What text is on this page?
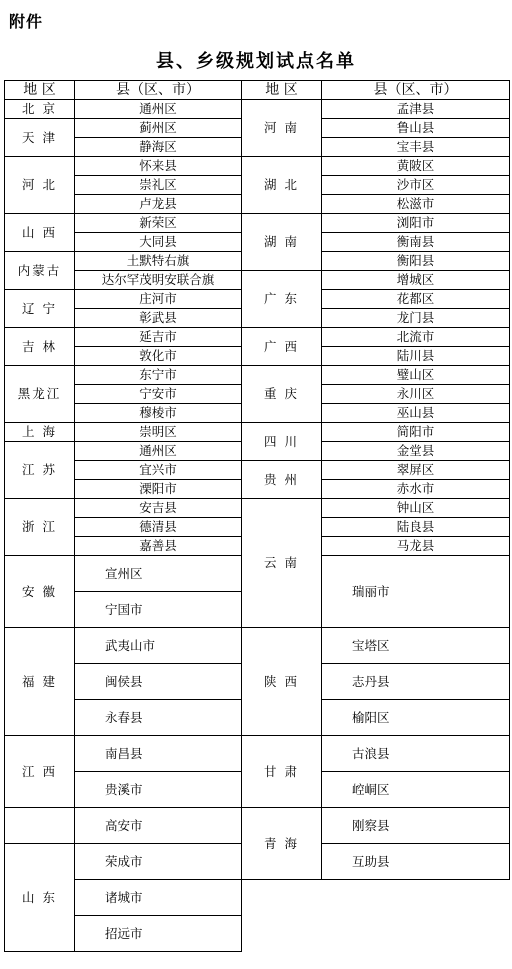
附件
县、乡级规划试点名单
地 区	县（区、市）	地 区	县（区、市）
北 京	通州区	河 南	孟津县
天 津	蓟州区		鲁山县
	静海区		宝丰县
河 北	怀来县	湖 北	黄陂区
	崇礼区		沙市区
	卢龙县		松滋市
山 西	新荣区	湖 南	浏阳市
	大同县		衡南县
内蒙古	土默特右旗		衡阳县
	达尔罕茂明安联合旗	广 东	增城区
辽 宁	庄河市		花都区
	彰武县		龙门县
吉 林	延吉市	广 西	北流市
	敦化市		陆川县
黑龙江	东宁市	重 庆	璧山区
	宁安市		永川区
	穆棱市		巫山县
上 海	崇明区	四 川	简阳市
江 苏	通州区		金堂县
	宜兴市	贵 州	翠屏区
	溧阳市		赤水市
浙 江	安吉县	云 南	钟山区
	德清县		陆良县
	嘉善县		马龙县
安 徽	宣州区		瑞丽市
	宁国市		
福 建	武夷山市	陕 西	宝塔区
	闽侯县		志丹县
	永春县		榆阳区
江 西	南昌县	甘 肃	古浪县
	贵溪市		崆峒区
	高安市	青 海	刚察县
山 东	荣成市		互助县
	诸城市		
	招远市		
